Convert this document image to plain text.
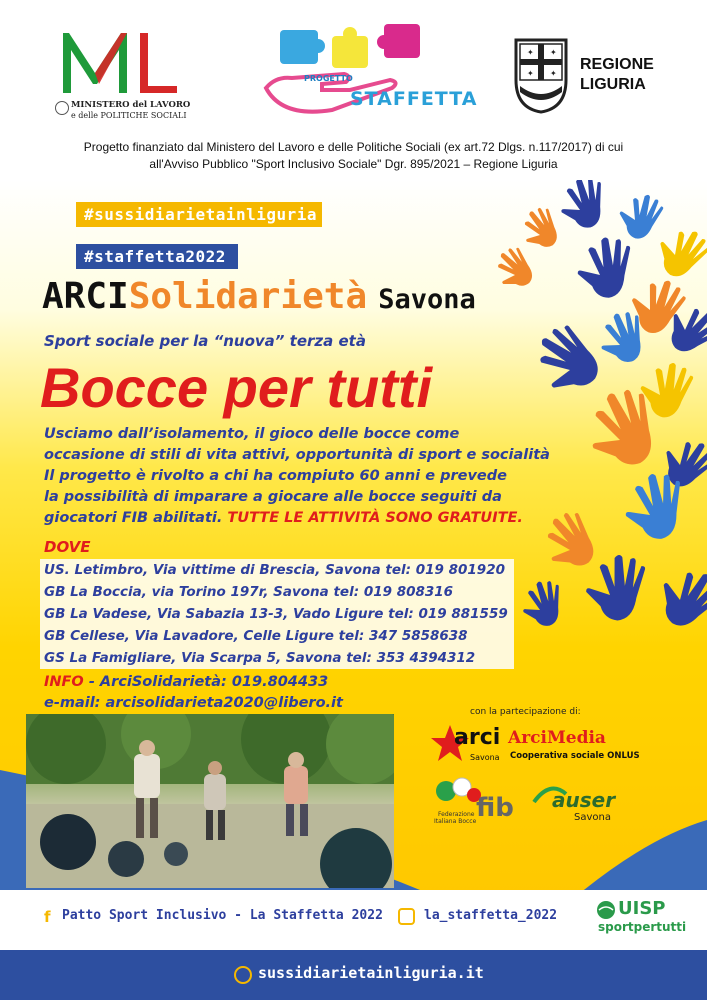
MINISTERO del LAVORO
e delle POLITICHE SOCIALI
PROGETTO
STAFFETTA
✦ ✦
✦ ✦
REGIONE
LIGURIA
Progetto finanziato dal Ministero del Lavoro e delle Politiche Sociali (ex art.72 Dlgs. n.117/2017) di cui
all'Avviso Pubblico "Sport Inclusivo Sociale" Dgr. 895/2021 – Regione Liguria
#sussidiarietainliguria
#staffetta2022
ARCISolidarietà Savona
Sport sociale per la “nuova” terza età
Bocce per tutti
Usciamo dall’isolamento, il gioco delle bocce come
occasione di stili di vita attivi, opportunità di sport e socialità
Il progetto è rivolto a chi ha compiuto 60 anni e prevede
la possibilità di imparare a giocare alle bocce seguiti da
giocatori FIB abilitati. TUTTE LE ATTIVITÀ SONO GRATUITE.
DOVE
US. Letimbro, Via vittime di Brescia, Savona tel: 019 801920
GB La Boccia, via Torino 197r, Savona tel: 019 808316
GB La Vadese, Via Sabazia 13-3, Vado Ligure tel: 019 881559
GB Cellese, Via Lavadore, Celle Ligure tel: 347 5858638
GS La Famigliare, Via Scarpa 5, Savona tel: 353 4394312
INFO - ArciSolidarietà: 019.804433
e-mail: arcisolidarieta2020@libero.it
con la partecipazione di:
arci
Savona
ArciMedia
Cooperativa sociale ONLUS
fib
Federazione
Italiana Bocce
auser
Savona
f Patto Sport Inclusivo - La Staffetta 2022	la_staffetta_2022	UISP
sportpertutti
sussidiarietainliguria.it
